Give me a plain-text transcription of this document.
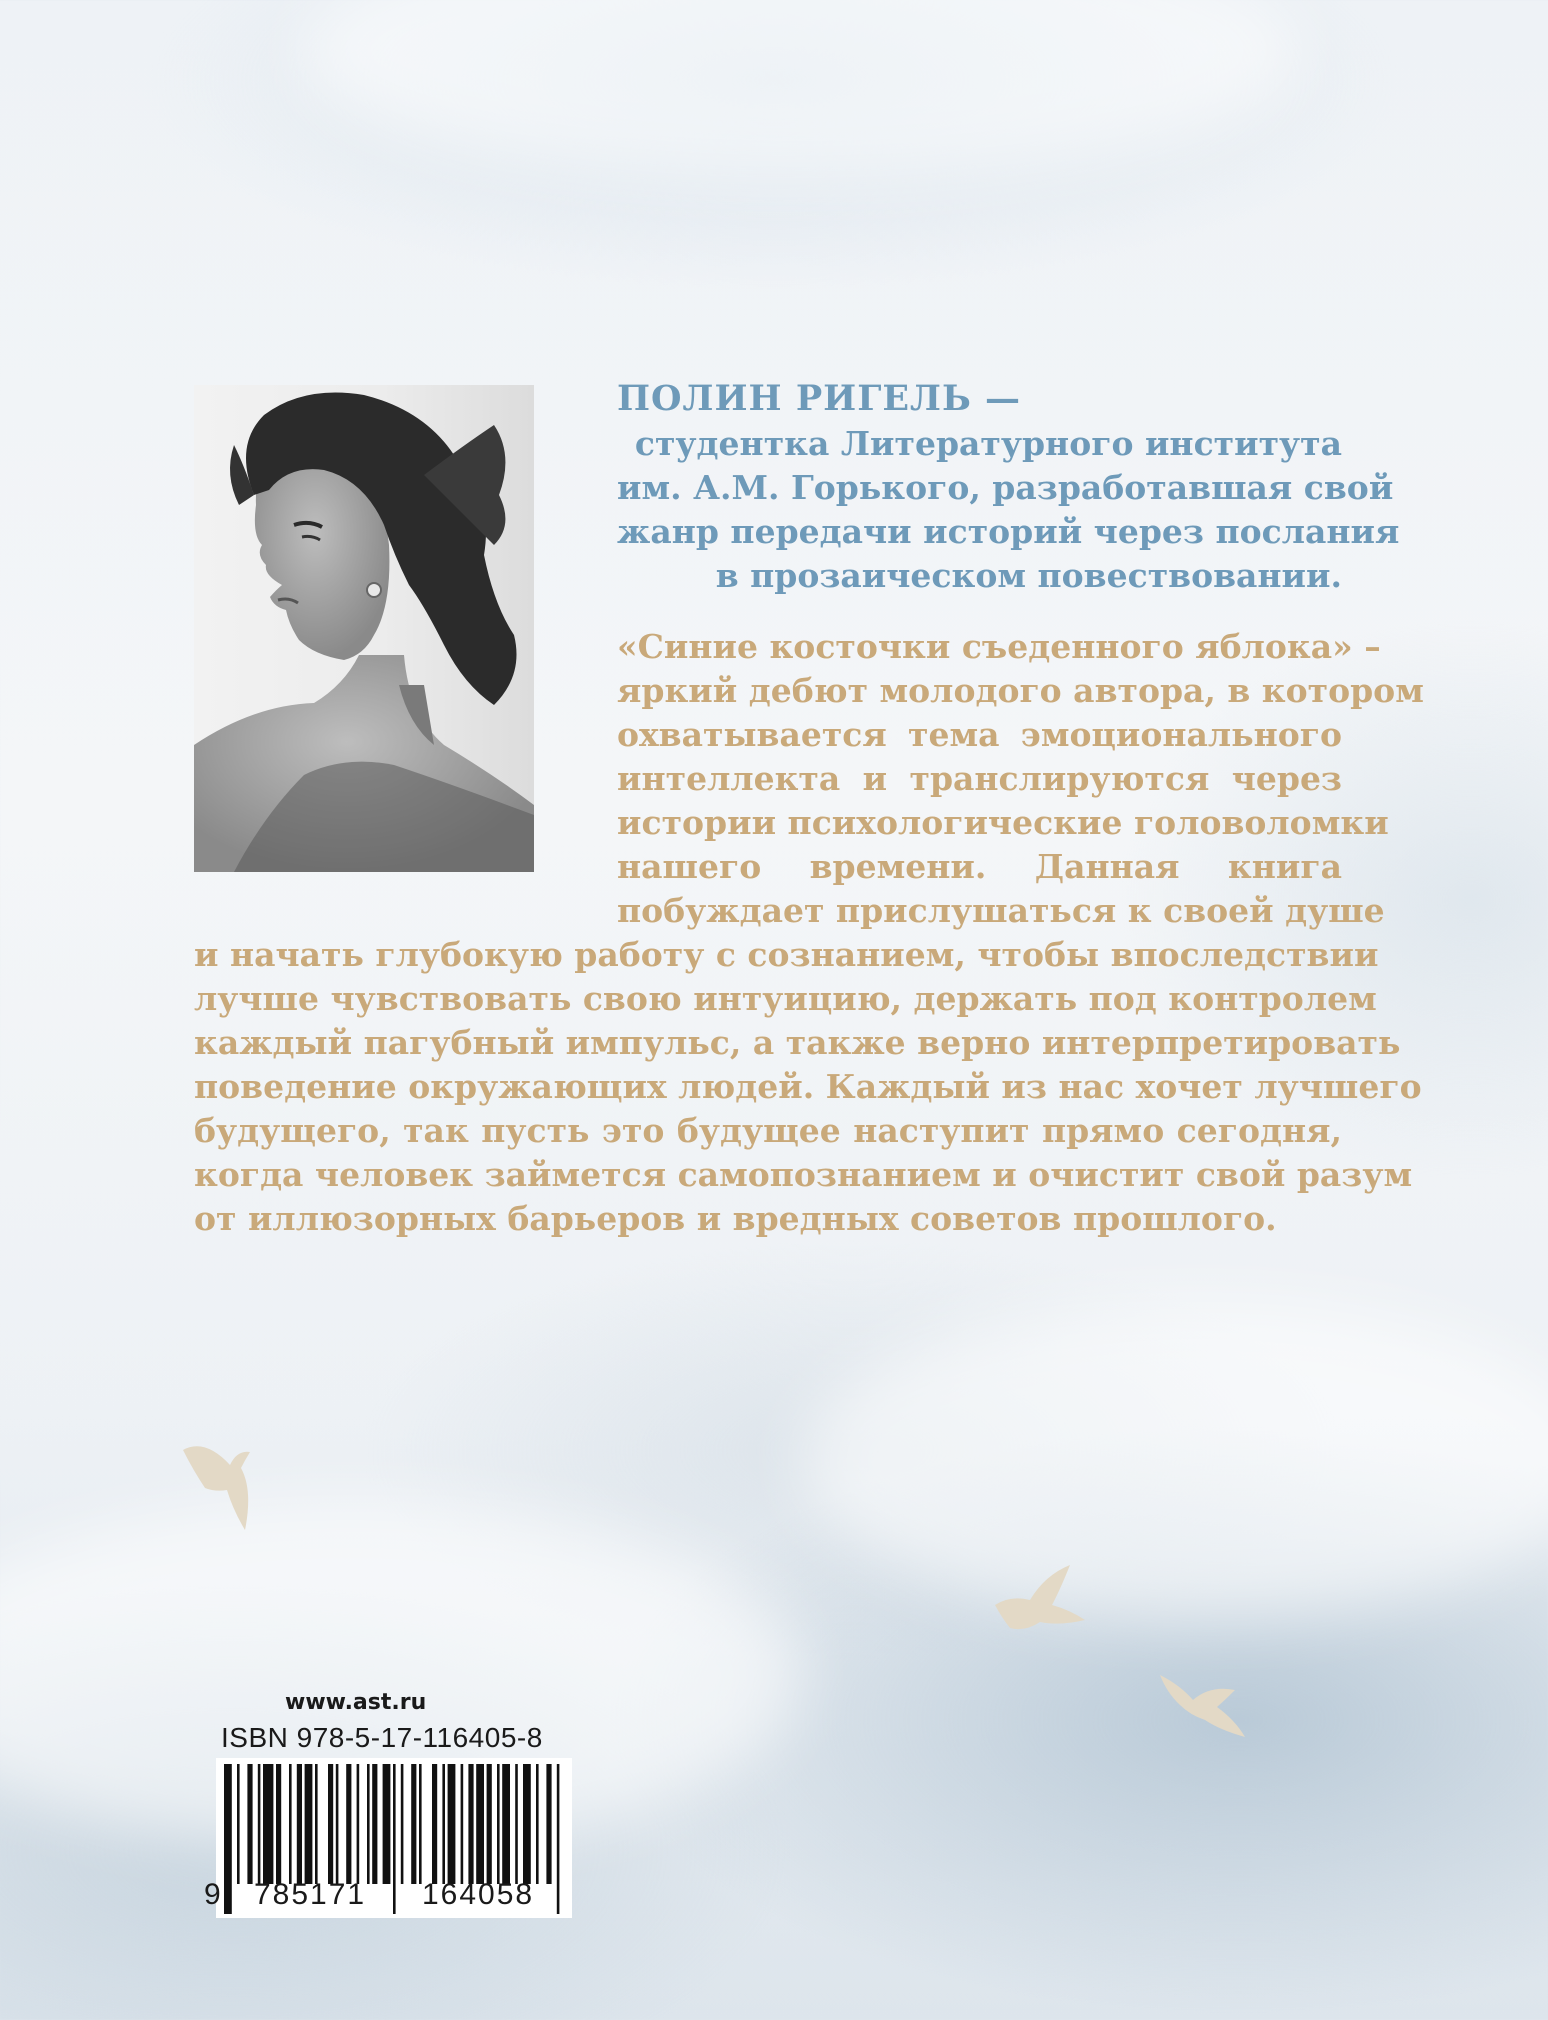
ПОЛИН РИГЕЛЬ —

студентка Литературного института
им. А.М. Горького, разработавшая свой
жанр передачи историй через послания
в прозаическом повествовании.
«Синие косточки съеденного яблока» –
яркий дебют молодого автора, в котором
охватывается тема эмоционального
интеллекта и транслируются через
истории психологические головоломки
нашего времени. Данная книга
побуждает прислушаться к своей душе
и начать глубокую работу с сознанием, чтобы впоследствии
лучше чувствовать свою интуицию, держать под контролем
каждый пагубный импульс, а также верно интерпретировать
поведение окружающих людей. Каждый из нас хочет лучшего
будущего, так пусть это будущее наступит прямо сегодня,
когда человек займется самопознанием и очистит свой разум
от иллюзорных барьеров и вредных советов прошлого.

www.ast.ru

ISBN 978-5-17-116405-8

9 785171 164058
